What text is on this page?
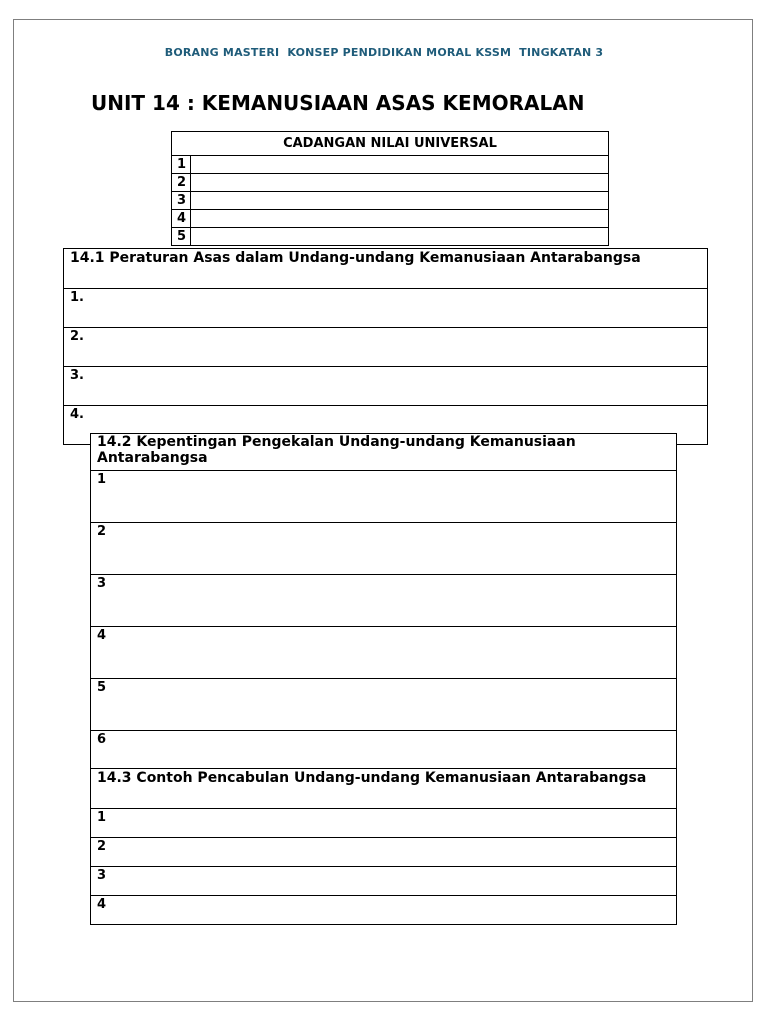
BORANG MASTERI  KONSEP PENDIDIKAN MORAL KSSM  TINGKATAN 3
UNIT 14 : KEMANUSIAAN ASAS KEMORALAN
CADANGAN NILAI UNIVERSAL	
1	
2	
3	
4	
5	
14.1 Peraturan Asas dalam Undang-undang Kemanusiaan Antarabangsa
1.
2.
3.
4.
14.2 Kepentingan Pengekalan Undang-undang Kemanusiaan Antarabangsa
1
2
3
4
5
6
14.3 Contoh Pencabulan Undang-undang Kemanusiaan Antarabangsa
1
2
3
4
